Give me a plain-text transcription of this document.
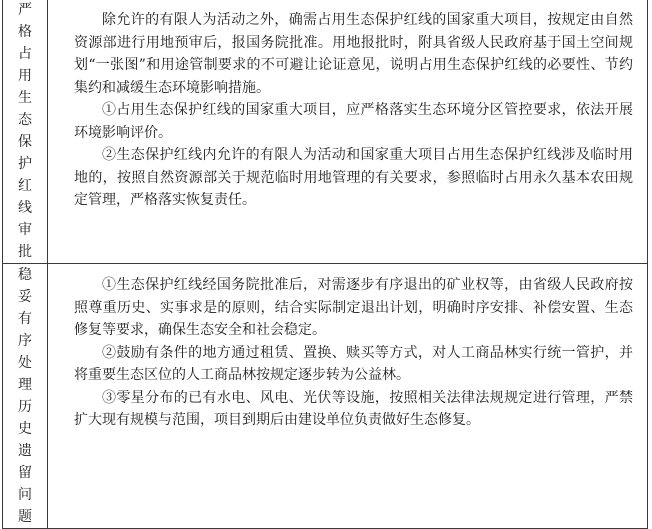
严格占用生态保护红线审批	除允许的有限人为活动之外，确需占用生态保护红线的国家重大项目，按规定由自然资源部进行用地预审后，报国务院批准。用地报批时，附具省级人民政府基于国土空间规划“一张图”和用途管制要求的不可避让论证意见，说明占用生态保护红线的必要性、节约集约和减缓生态环境影响措施。

①占用生态保护红线的国家重大项目，应严格落实生态环境分区管控要求，依法开展环境影响评价。

②生态保护红线内允许的有限人为活动和国家重大项目占用生态保护红线涉及临时用地的，按照自然资源部关于规范临时用地管理的有关要求，参照临时占用永久基本农田规定管理，严格落实恢复责任。

稳妥有序处理历史遗留问题	①生态保护红线经国务院批准后，对需逐步有序退出的矿业权等，由省级人民政府按照尊重历史、实事求是的原则，结合实际制定退出计划，明确时序安排、补偿安置、生态修复等要求，确保生态安全和社会稳定。

②鼓励有条件的地方通过租赁、置换、赎买等方式，对人工商品林实行统一管护，并将重要生态区位的人工商品林按规定逐步转为公益林。

③零星分布的已有水电、风电、光伏等设施，按照相关法律法规规定进行管理，严禁扩大现有规模与范围，项目到期后由建设单位负责做好生态修复。
